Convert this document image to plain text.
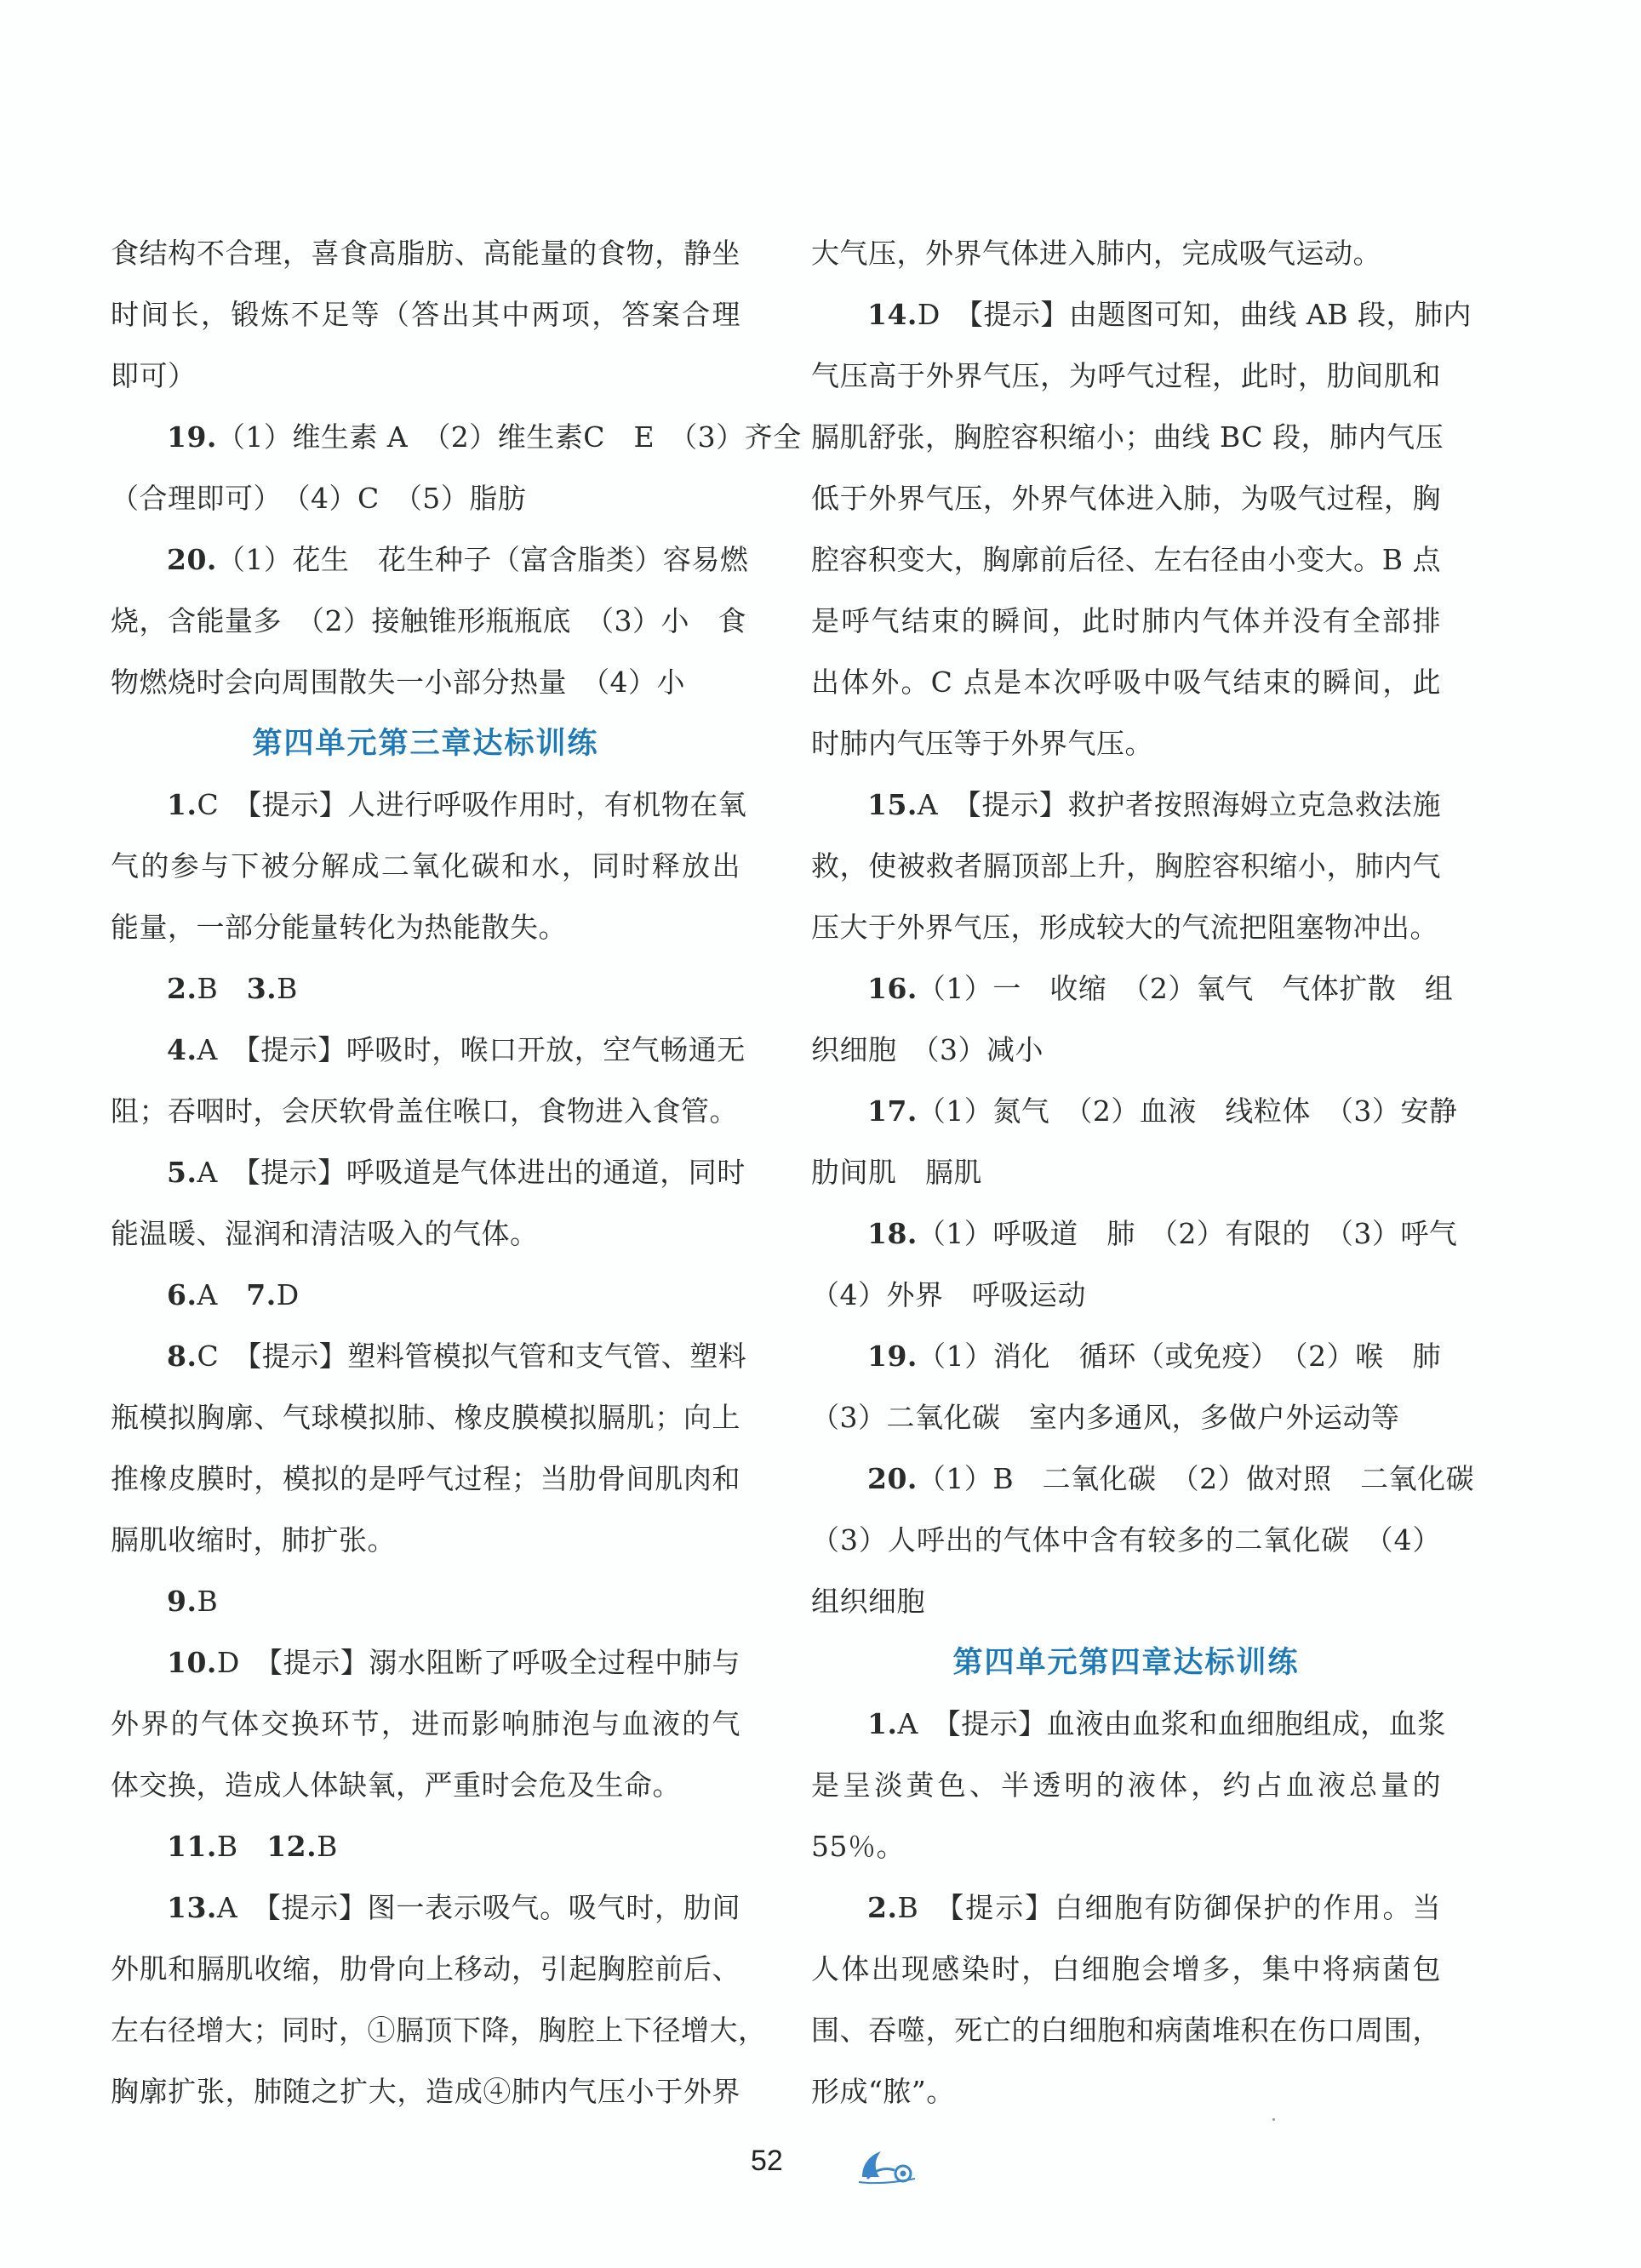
食结构不合理，喜食高脂肪、高能量的食物，静坐
时间长，锻炼不足等（答出其中两项，答案合理
即可）
19.（1）维生素 A　（2）维生素C　E　（3）齐全
（合理即可）　（4）C　（5）脂肪
20.（1）花生　花生种子（富含脂类）容易燃
烧，含能量多　（2）接触锥形瓶瓶底　（3）小　食
物燃烧时会向周围散失一小部分热量　（4）小
第四单元第三章达标训练
1.C　【提示】人进行呼吸作用时，有机物在氧
气的参与下被分解成二氧化碳和水，同时释放出
能量，一部分能量转化为热能散失。
2.B　3.B
4.A　【提示】呼吸时，喉口开放，空气畅通无
阻；吞咽时，会厌软骨盖住喉口，食物进入食管。
5.A　【提示】呼吸道是气体进出的通道，同时
能温暖、湿润和清洁吸入的气体。
6.A　7.D
8.C　【提示】塑料管模拟气管和支气管、塑料
瓶模拟胸廓、气球模拟肺、橡皮膜模拟膈肌；向上
推橡皮膜时，模拟的是呼气过程；当肋骨间肌肉和
膈肌收缩时，肺扩张。
9.B
10.D　【提示】溺水阻断了呼吸全过程中肺与
外界的气体交换环节，进而影响肺泡与血液的气
体交换，造成人体缺氧，严重时会危及生命。
11.B　12.B
13.A　【提示】图一表示吸气。吸气时，肋间
外肌和膈肌收缩，肋骨向上移动，引起胸腔前后、
左右径增大；同时，①膈顶下降，胸腔上下径增大，
胸廓扩张，肺随之扩大，造成④肺内气压小于外界
大气压，外界气体进入肺内，完成吸气运动。
14.D　【提示】由题图可知，曲线 AB 段，肺内
气压高于外界气压，为呼气过程，此时，肋间肌和
膈肌舒张，胸腔容积缩小；曲线 BC 段，肺内气压
低于外界气压，外界气体进入肺，为吸气过程，胸
腔容积变大，胸廓前后径、左右径由小变大。B 点
是呼气结束的瞬间，此时肺内气体并没有全部排
出体外。C 点是本次呼吸中吸气结束的瞬间，此
时肺内气压等于外界气压。
15.A　【提示】救护者按照海姆立克急救法施
救，使被救者膈顶部上升，胸腔容积缩小，肺内气
压大于外界气压，形成较大的气流把阻塞物冲出。
16.（1）一　收缩　（2）氧气　气体扩散　组
织细胞　（3）减小
17.（1）氮气　（2）血液　线粒体　（3）安静
肋间肌　膈肌
18.（1）呼吸道　肺　（2）有限的　（3）呼气
（4）外界　呼吸运动
19.（1）消化　循环（或免疫）　（2）喉　肺
（3）二氧化碳　室内多通风，多做户外运动等
20.（1）B　二氧化碳　（2）做对照　二氧化碳
（3）人呼出的气体中含有较多的二氧化碳　（4）
组织细胞
第四单元第四章达标训练
1.A　【提示】血液由血浆和血细胞组成，血浆
是呈淡黄色、半透明的液体，约占血液总量的
55％。
2.B　【提示】白细胞有防御保护的作用。当
人体出现感染时，白细胞会增多，集中将病菌包
围、吞噬，死亡的白细胞和病菌堆积在伤口周围，
形成“脓”。
52
